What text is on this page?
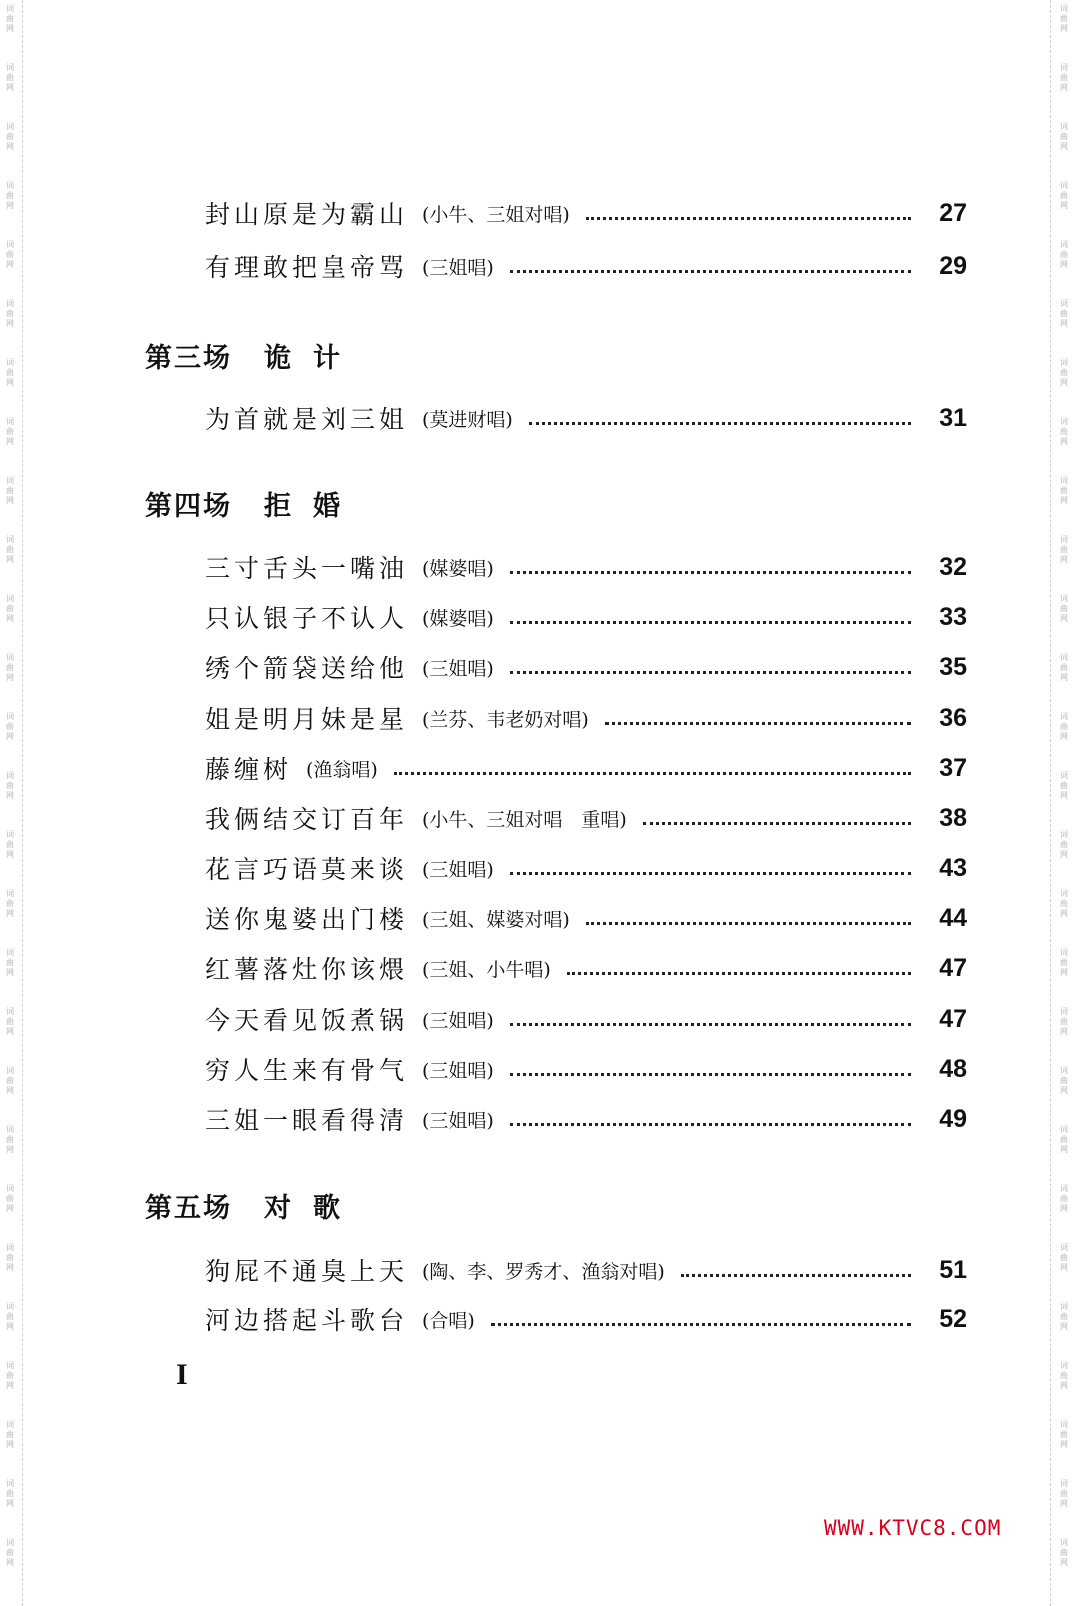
词
曲
网
词
曲
网
词
曲
网
词
曲
网
词
曲
网
词
曲
网
词
曲
网
词
曲
网
词
曲
网
词
曲
网
词
曲
网
词
曲
网
词
曲
网
词
曲
网
词
曲
网
词
曲
网
词
曲
网
词
曲
网
词
曲
网
词
曲
网
词
曲
网
词
曲
网
词
曲
网
词
曲
网
词
曲
网
词
曲
网
词
曲
网
词
曲
网
词
曲
网
词
曲
网
词
曲
网
词
曲
网
词
曲
网
词
曲
网
词
曲
网
词
曲
网
词
曲
网
词
曲
网
词
曲
网
词
曲
网
词
曲
网
词
曲
网
词
曲
网
词
曲
网
词
曲
网
词
曲
网
词
曲
网
词
曲
网
词
曲
网
词
曲
网
词
曲
网
词
曲
网
词
曲
网
词
曲
网
封山原是为霸山 (小牛、三姐对唱)	27
有理敢把皇帝骂 (三姐唱)	29
第三场 诡计
为首就是刘三姐 (莫进财唱)	31
第四场 拒婚
三寸舌头一嘴油 (媒婆唱)	32
只认银子不认人 (媒婆唱)	33
绣个箭袋送给他 (三姐唱)	35
姐是明月妹是星 (兰芬、韦老奶对唱)	36
藤缠树 (渔翁唱)	37
我俩结交订百年 (小牛、三姐对唱　重唱)	38
花言巧语莫来谈 (三姐唱)	43
送你鬼婆出门楼 (三姐、媒婆对唱)	44
红薯落灶你该煨 (三姐、小牛唱)	47
今天看见饭煮锅 (三姐唱)	47
穷人生来有骨气 (三姐唱)	48
三姐一眼看得清 (三姐唱)	49
第五场 对歌
狗屁不通臭上天 (陶、李、罗秀才、渔翁对唱)	51
河边搭起斗歌台 (合唱)	52
I
WWW.KTVC8.COM
